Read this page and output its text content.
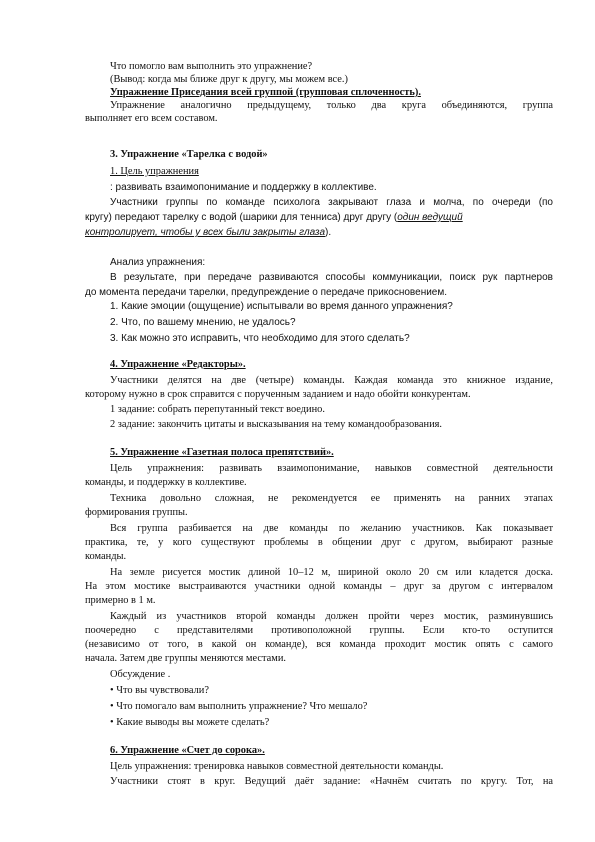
Что помогло вам выполнить это упражнение?
(Вывод: когда мы ближе друг к другу, мы можем все.)
Упражнение Приседания всей группой (групповая сплоченность).
Упражнение аналогично предыдущему, только два круга объединяются, группа
выполняет его всем составом.
3. Упражнение «Тарелка с водой»
1. Цель упражнения
: развивать взаимопонимание и поддержку в коллективе.
Участники группы по команде психолога закрывают глаза и молча, по очереди (по
кругу) передают тарелку с водой (шарики для тенниса) друг другу (один ведущий
контролирует, чтобы у всех были закрыты глаза).
Анализ упражнения:
В результате, при передаче развиваются способы коммуникации, поиск рук партнеров
до момента передачи тарелки, предупреждение о передаче прикосновением.
1. Какие эмоции (ощущение) испытывали во время данного упражнения?
2. Что, по вашему мнению, не удалось?
3. Как можно это исправить, что необходимо для этого сделать?
4. Упражнение «Редакторы».
Участники делятся на две (четыре) команды. Каждая команда это книжное издание,
которому нужно в срок справится с порученным заданием и надо обойти конкурентам.
1 задание: собрать перепутанный текст воедино.
2 задание: закончить цитаты и высказывания на тему командообразования.
5. Упражнение «Газетная полоса препятствий».
Цель упражнения: развивать взаимопонимание, навыков совместной деятельности
команды, и поддержку в коллективе.
Техника довольно сложная, не рекомендуется ее применять на ранних этапах
формирования группы.
Вся группа разбивается на две команды по желанию участников. Как показывает
практика, те, у кого существуют проблемы в общении друг с другом, выбирают разные
команды.
На земле рисуется мостик длиной 10–12 м, шириной около 20 см или кладется доска.
На этом мостике выстраиваются участники одной команды – друг за другом с интервалом
примерно в 1 м.
Каждый из участников второй команды должен пройти через мостик, разминувшись
поочередно с представителями противоположной группы. Если кто-то оступится
(независимо от того, в какой он команде), вся команда проходит мостик опять с самого
начала. Затем две группы меняются местами.
Обсуждение .
• Что вы чувствовали?
• Что помогало вам выполнить упражнение? Что мешало?
• Какие выводы вы можете сделать?
6. Упражнение «Счет до сорока».
Цель упражнения: тренировка навыков совместной деятельности команды.
Участники стоят в круг. Ведущий даёт задание: «Начнём считать по кругу. Тот, на
